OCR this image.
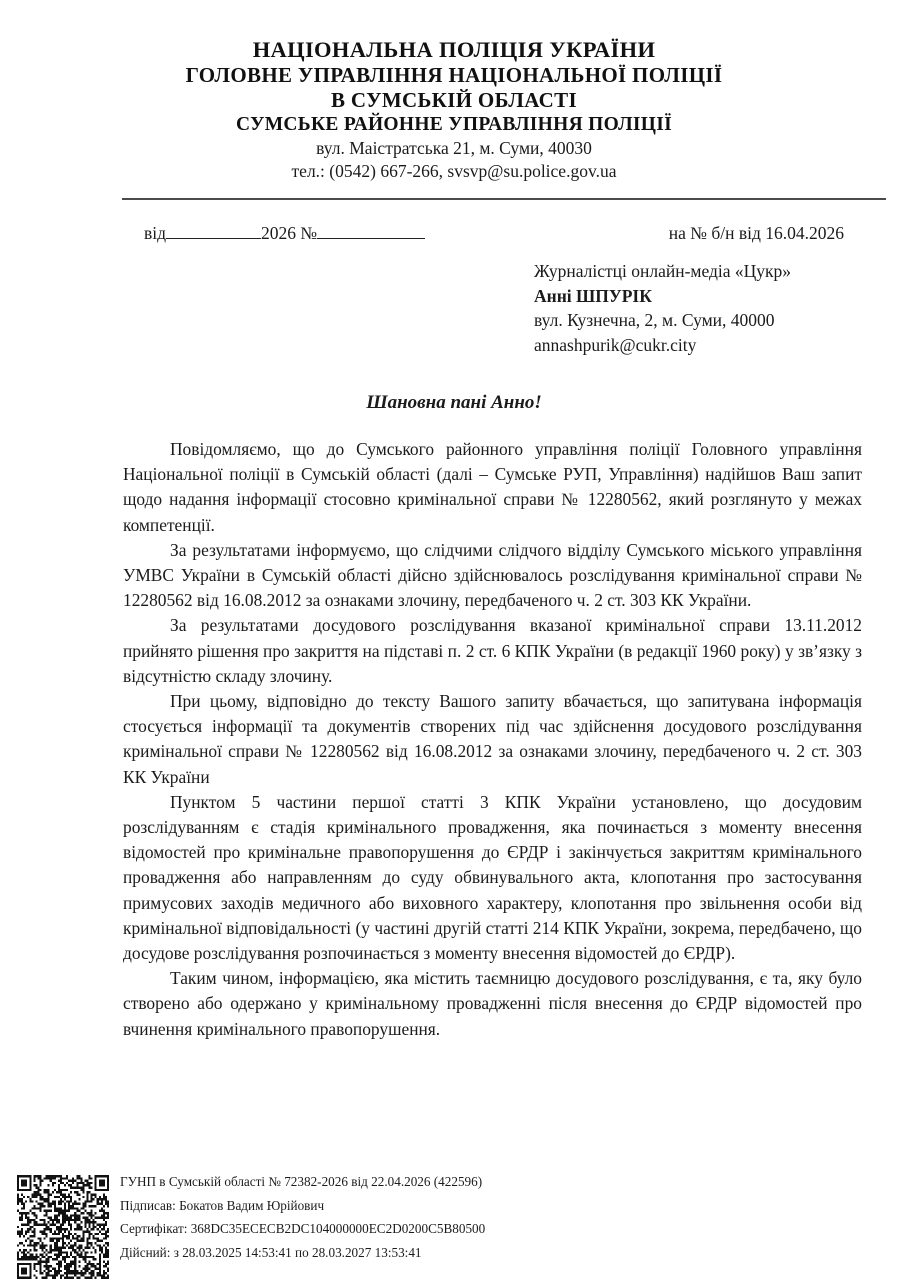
НАЦІОНАЛЬНА ПОЛІЦІЯ УКРАЇНИ
ГОЛОВНЕ УПРАВЛІННЯ НАЦІОНАЛЬНОЇ ПОЛІЦІЇ
В СУМСЬКІЙ ОБЛАСТІ
СУМСЬКЕ РАЙОННЕ УПРАВЛІННЯ ПОЛІЦІЇ
вул. Маістратська 21, м. Суми, 40030
тел.: (0542) 667-266, svsvp@su.police.gov.ua
від	2026 №	на № б/н від 16.04.2026
Журналістці онлайн-медіа «Цукр»
Анні ШПУРІК
вул. Кузнечна, 2, м. Суми, 40000
annashpurik@cukr.city
Шановна пані Анно!

Повідомляємо, що до Сумського районного управління поліції Головного управління Національної поліції в Сумській області (далі – Сумське РУП, Управління) надійшов Ваш запит щодо надання інформації стосовно кримінальної справи № 12280562, який розглянуто у межах компетенції.

За результатами інформуємо, що слідчими слідчого відділу Сумського міського управління УМВС України в Сумській області дійсно здійснювалось розслідування кримінальної справи № 12280562 від 16.08.2012 за ознаками злочину, передбаченого ч. 2 ст. 303 КК України.

За результатами досудового розслідування вказаної кримінальної справи 13.11.2012 прийнято рішення про закриття на підставі п. 2 ст. 6 КПК України (в редакції 1960 року) у зв’язку з відсутністю складу злочину.

При цьому, відповідно до тексту Вашого запиту вбачається, що запитувана інформація стосується інформації та документів створених під час здійснення досудового розслідування кримінальної справи № 12280562 від 16.08.2012 за ознаками злочину, передбаченого ч. 2 ст. 303 КК України

Пунктом 5 частини першої статті 3 КПК України установлено, що досудовим розслідуванням є стадія кримінального провадження, яка починається з моменту внесення відомостей про кримінальне правопорушення до ЄРДР і закінчується закриттям кримінального провадження або направленням до суду обвинувального акта, клопотання про застосування примусових заходів медичного або виховного характеру, клопотання про звільнення особи від кримінальної відповідальності (у частині другій статті 214 КПК України, зокрема, передбачено, що досудове розслідування розпочинається з моменту внесення відомостей до ЄРДР).

Таким чином, інформацією, яка містить таємницю досудового розслідування, є та, яку було створено або одержано у кримінальному провадженні після внесення до ЄРДР відомостей про вчинення кримінального правопорушення.

ГУНП в Сумській області № 72382-2026 від 22.04.2026 (422596)
Підписав: Бокатов Вадим Юрійович
Сертифікат: 368DC35ECECB2DC104000000EC2D0200C5B80500
Дійсний: з 28.03.2025 14:53:41 по 28.03.2027 13:53:41
